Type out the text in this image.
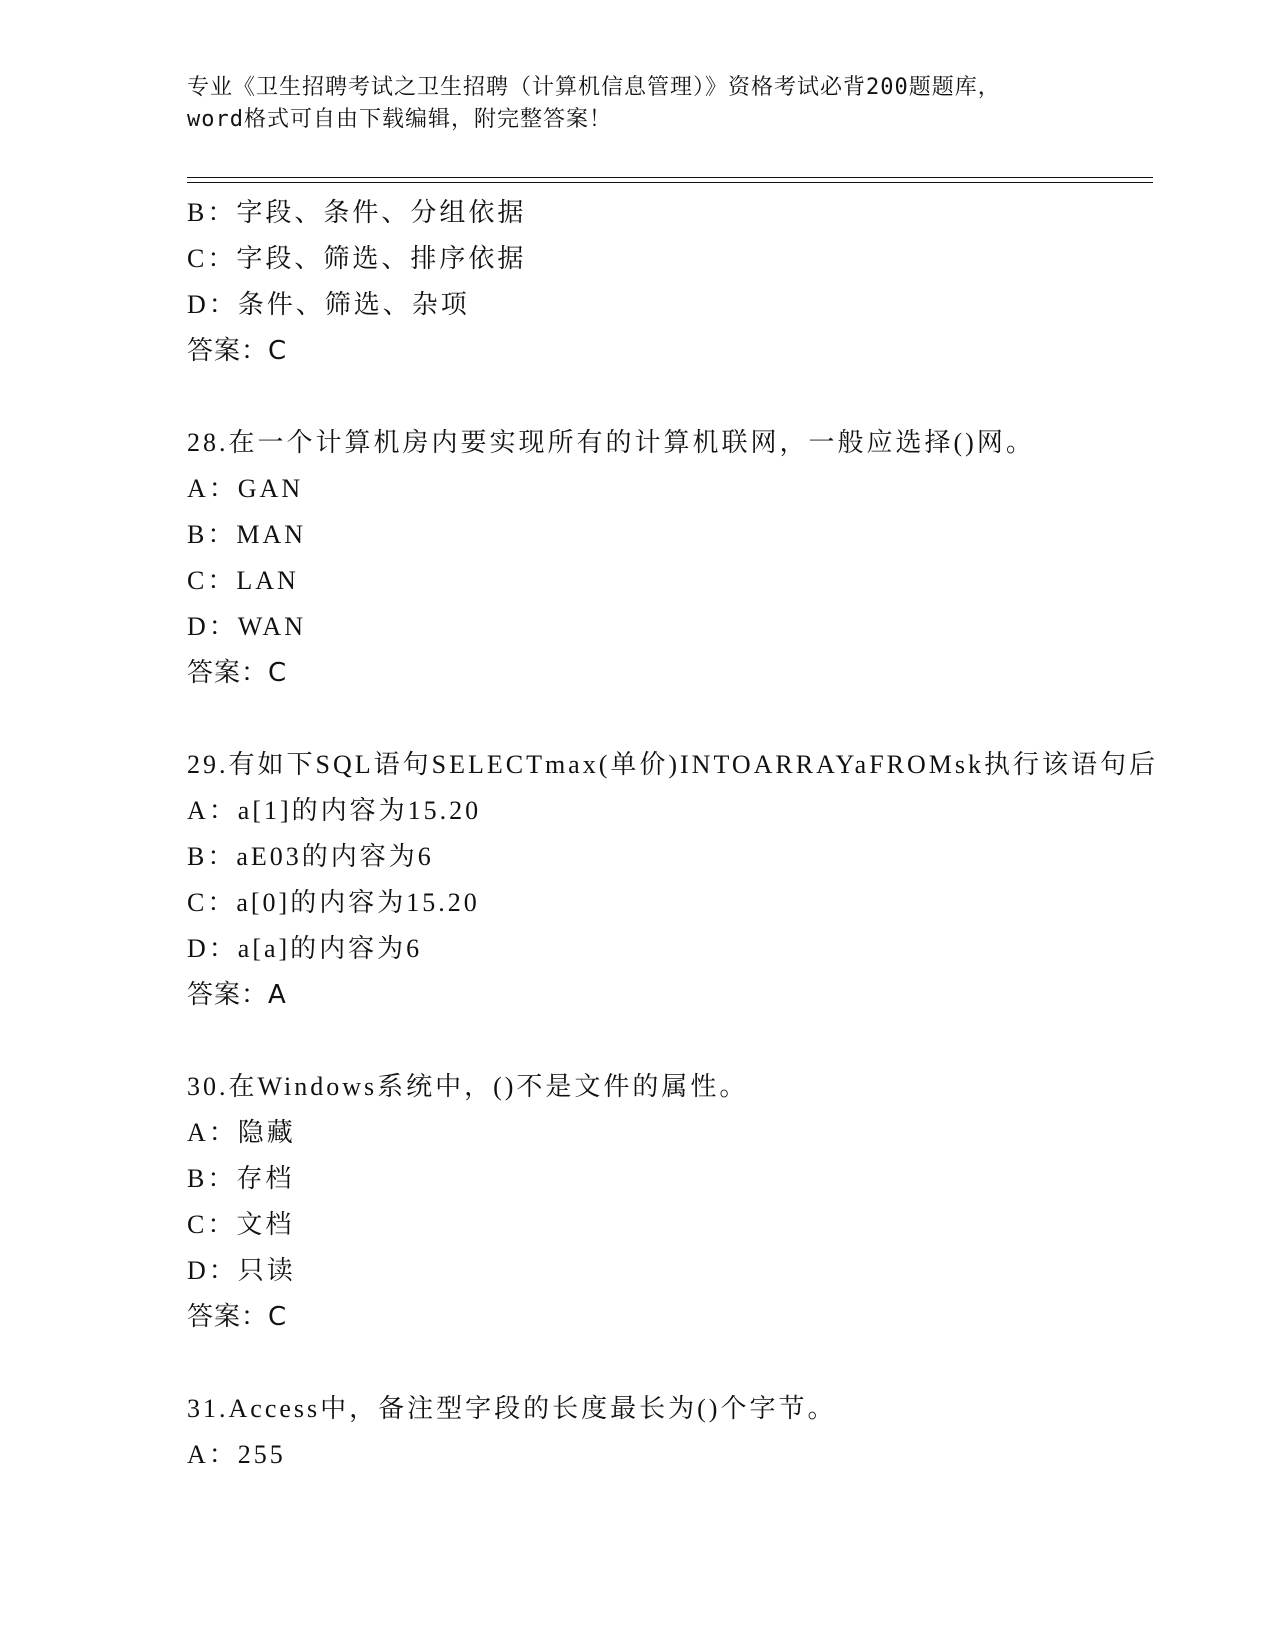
专业《卫生招聘考试之卫生招聘（计算机信息管理）》资格考试必背200题题库，
word格式可自由下载编辑，附完整答案！
B：字段、条件、分组依据
C：字段、筛选、排序依据
D：条件、筛选、杂项
答案：C
28.在一个计算机房内要实现所有的计算机联网，一般应选择()网。
A：GAN
B：MAN
C：LAN
D：WAN
答案：C
29.有如下SQL语句SELECTmax(单价)INTOARRAYaFROMsk执行该语句后
A：a[1]的内容为15.20
B：aE03的内容为6
C：a[0]的内容为15.20
D：a[a]的内容为6
答案：A
30.在Windows系统中，()不是文件的属性。
A：隐藏
B：存档
C：文档
D：只读
答案：C
31.Access中，备注型字段的长度最长为()个字节。
A：255
